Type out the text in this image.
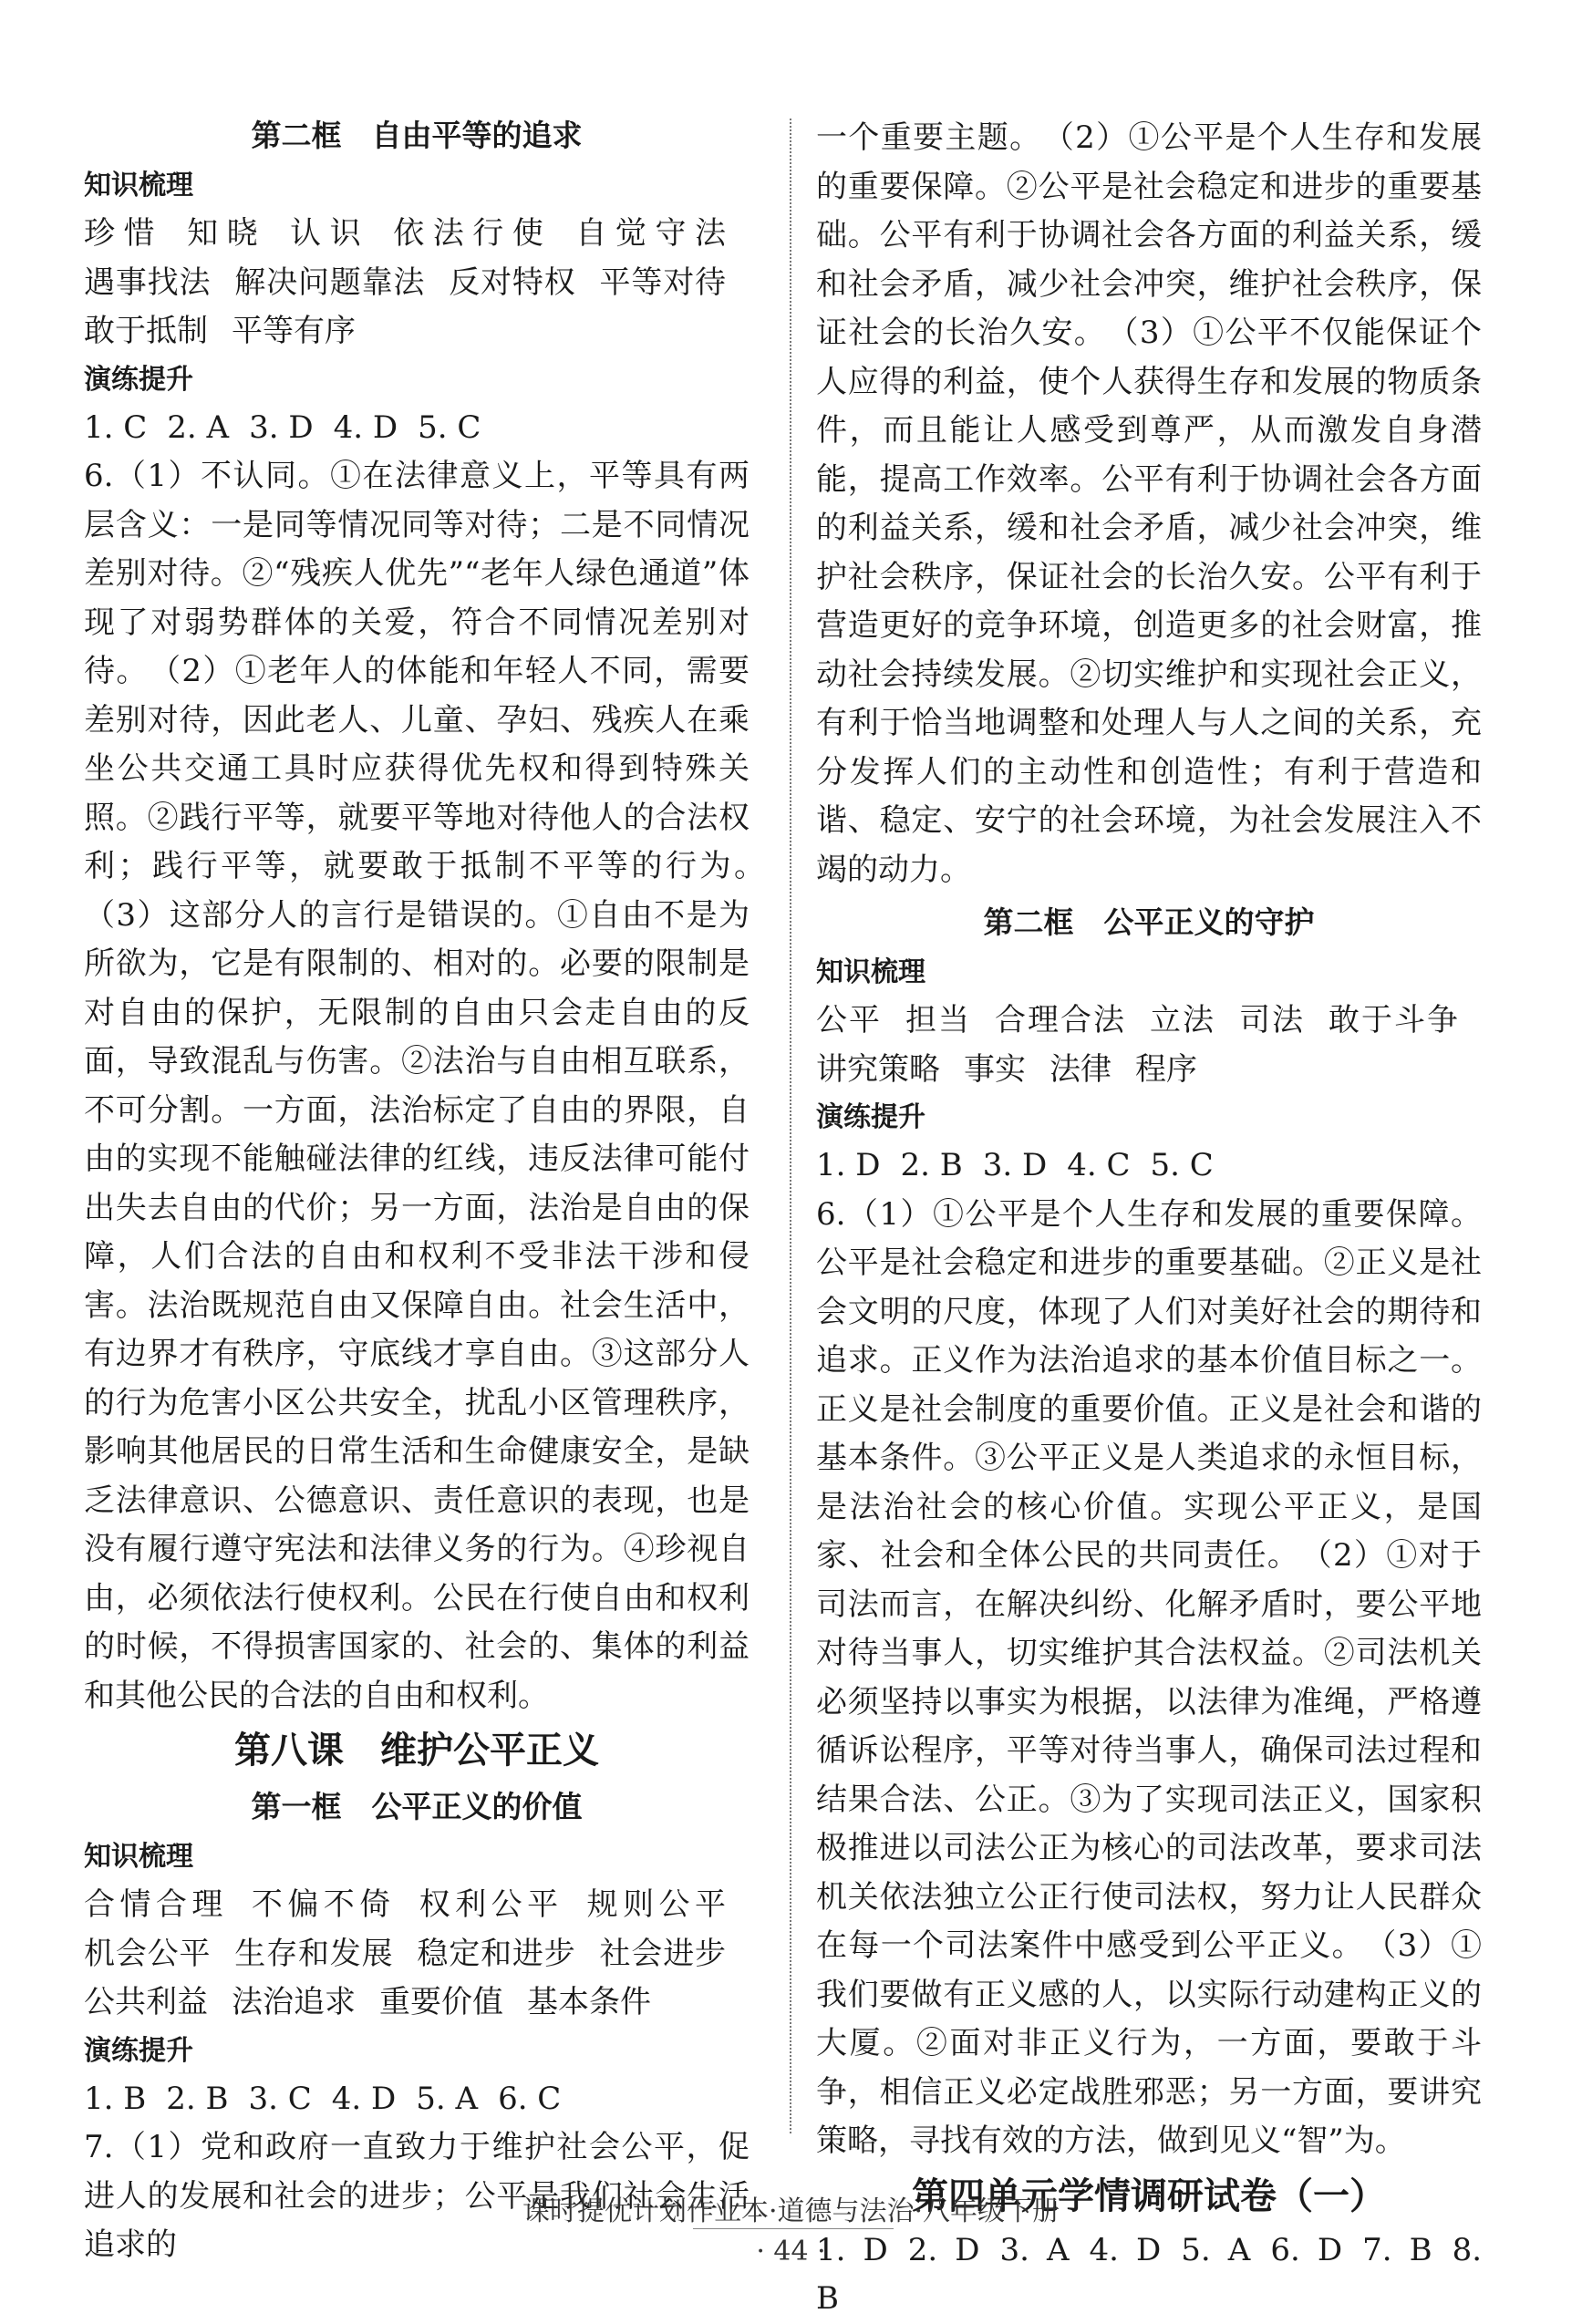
第二框　自由平等的追求
知识梳理
珍惜 知晓 认识 依法行使 自觉守法遇事找法 解决问题靠法 反对特权 平等对待敢于抵制 平等有序
演练提升
1. C 2. A 3. D 4. D 5. C

6.（1）不认同。①在法律意义上，平等具有两层含义：一是同等情况同等对待；二是不同情况差别对待。②“残疾人优先”“老年人绿色通道”体现了对弱势群体的关爱，符合不同情况差别对待。　（2）①老年人的体能和年轻人不同，需要差别对待，因此老人、儿童、孕妇、残疾人在乘坐公共交通工具时应获得优先权和得到特殊关照。②践行平等，就要平等地对待他人的合法权利；践行平等，就要敢于抵制不平等的行为。　（3）这部分人的言行是错误的。①自由不是为所欲为，它是有限制的、相对的。必要的限制是对自由的保护，无限制的自由只会走自由的反面，导致混乱与伤害。②法治与自由相互联系，不可分割。一方面，法治标定了自由的界限，自由的实现不能触碰法律的红线，违反法律可能付出失去自由的代价；另一方面，法治是自由的保障，人们合法的自由和权利不受非法干涉和侵害。法治既规范自由又保障自由。社会生活中，有边界才有秩序，守底线才享自由。③这部分人的行为危害小区公共安全，扰乱小区管理秩序，影响其他居民的日常生活和生命健康安全，是缺乏法律意识、公德意识、责任意识的表现，也是没有履行遵守宪法和法律义务的行为。④珍视自由，必须依法行使权利。公民在行使自由和权利的时候，不得损害国家的、社会的、集体的利益和其他公民的合法的自由和权利。

第八课　维护公平正义
第一框　公平正义的价值
知识梳理
合情合理 不偏不倚 权利公平 规则公平机会公平 生存和发展 稳定和进步 社会进步公共利益 法治追求 重要价值 基本条件
演练提升
1. B 2. B 3. C 4. D 5. A 6. C

7.（1）党和政府一直致力于维护社会公平，促进人的发展和社会的进步；公平是我们社会生活追求的

一个重要主题。　（2）①公平是个人生存和发展的重要保障。②公平是社会稳定和进步的重要基础。公平有利于协调社会各方面的利益关系，缓和社会矛盾，减少社会冲突，维护社会秩序，保证社会的长治久安。　（3）①公平不仅能保证个人应得的利益，使个人获得生存和发展的物质条件，而且能让人感受到尊严，从而激发自身潜能，提高工作效率。公平有利于协调社会各方面的利益关系，缓和社会矛盾，减少社会冲突，维护社会秩序，保证社会的长治久安。公平有利于营造更好的竞争环境，创造更多的社会财富，推动社会持续发展。②切实维护和实现社会正义，有利于恰当地调整和处理人与人之间的关系，充分发挥人们的主动性和创造性；有利于营造和谐、稳定、安宁的社会环境，为社会发展注入不竭的动力。

第二框　公平正义的守护
知识梳理
公平 担当 合理合法 立法 司法 敢于斗争讲究策略 事实 法律 程序
演练提升
1. D 2. B 3. D 4. C 5. C

6.（1）①公平是个人生存和发展的重要保障。公平是社会稳定和进步的重要基础。②正义是社会文明的尺度，体现了人们对美好社会的期待和追求。正义作为法治追求的基本价值目标之一。正义是社会制度的重要价值。正义是社会和谐的基本条件。③公平正义是人类追求的永恒目标，是法治社会的核心价值。实现公平正义，是国家、社会和全体公民的共同责任。　（2）①对于司法而言，在解决纠纷、化解矛盾时，要公平地对待当事人，切实维护其合法权益。②司法机关必须坚持以事实为根据，以法律为准绳，严格遵循诉讼程序，平等对待当事人，确保司法过程和结果合法、公正。③为了实现司法正义，国家积极推进以司法公正为核心的司法改革，要求司法机关依法独立公正行使司法权，努力让人民群众在每一个司法案件中感受到公平正义。　（3）①我们要做有正义感的人，以实际行动建构正义的大厦。②面对非正义行为，一方面，要敢于斗争，相信正义必定战胜邪恶；另一方面，要讲究策略，寻找有效的方法，做到见义“智”为。

第四单元学情调研试卷（一）
1. D 2. D 3. A 4. D 5. A 6. D 7. B 8. B
课时提优计划作业本·道德与法治·八年级下册
· 44 ·
